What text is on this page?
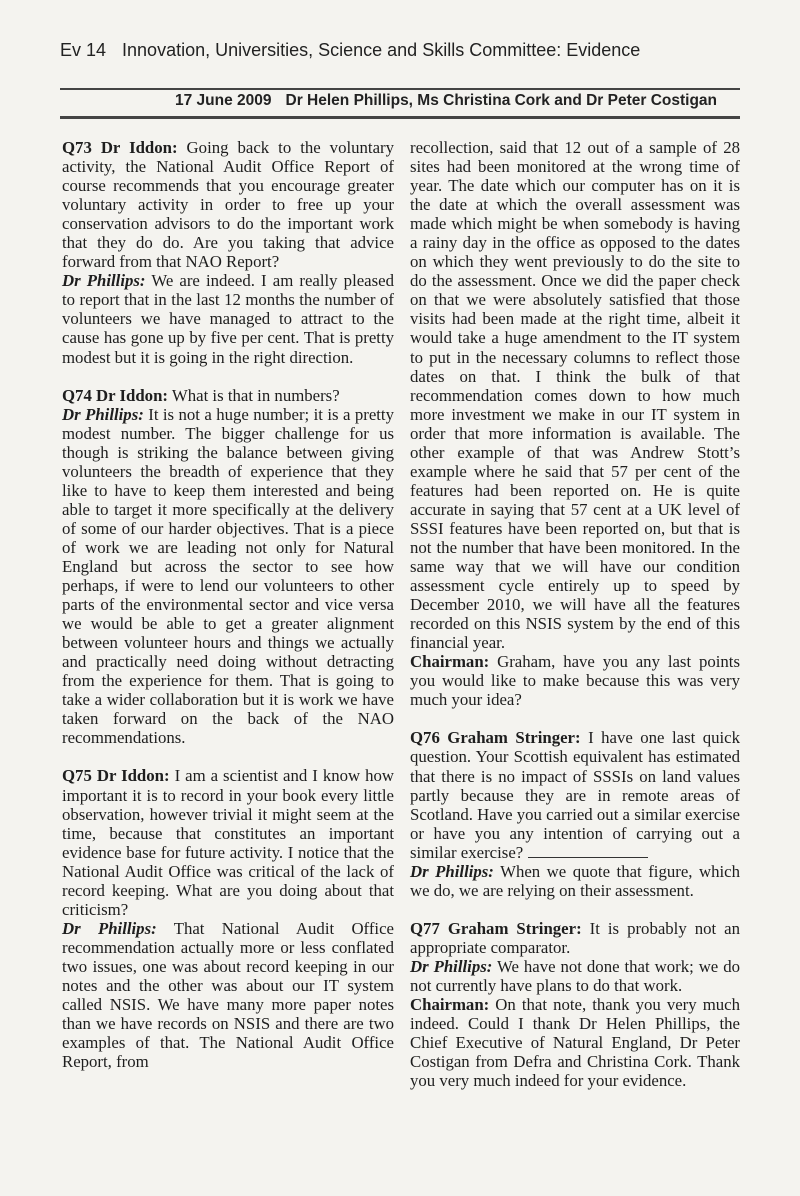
Ev 14 Innovation, Universities, Science and Skills Committee: Evidence
17 June 2009 Dr Helen Phillips, Ms Christina Cork and Dr Peter Costigan

Q73 Dr Iddon: Going back to the voluntary activity, the National Audit Office Report of course recommends that you encourage greater voluntary activity in order to free up your conservation advisors to do the important work that they do do. Are you taking that advice forward from that NAO Report?

Dr Phillips: We are indeed. I am really pleased to report that in the last 12 months the number of volunteers we have managed to attract to the cause has gone up by five per cent. That is pretty modest but it is going in the right direction.

Q74 Dr Iddon: What is that in numbers?

Dr Phillips: It is not a huge number; it is a pretty modest number. The bigger challenge for us though is striking the balance between giving volunteers the breadth of experience that they like to have to keep them interested and being able to target it more specifically at the delivery of some of our harder objectives. That is a piece of work we are leading not only for Natural England but across the sector to see how perhaps, if were to lend our volunteers to other parts of the environmental sector and vice versa we would be able to get a greater alignment between volunteer hours and things we actually and practically need doing without detracting from the experience for them. That is going to take a wider collaboration but it is work we have taken forward on the back of the NAO recommendations.

Q75 Dr Iddon: I am a scientist and I know how important it is to record in your book every little observation, however trivial it might seem at the time, because that constitutes an important evidence base for future activity. I notice that the National Audit Office was critical of the lack of record keeping. What are you doing about that criticism?

Dr Phillips: That National Audit Office recommendation actually more or less conflated two issues, one was about record keeping in our notes and the other was about our IT system called NSIS. We have many more paper notes than we have records on NSIS and there are two examples of that. The National Audit Office Report, from

recollection, said that 12 out of a sample of 28 sites had been monitored at the wrong time of year. The date which our computer has on it is the date at which the overall assessment was made which might be when somebody is having a rainy day in the office as opposed to the dates on which they went previously to do the site to do the assessment. Once we did the paper check on that we were absolutely satisfied that those visits had been made at the right time, albeit it would take a huge amendment to the IT system to put in the necessary columns to reflect those dates on that. I think the bulk of that recommendation comes down to how much more investment we make in our IT system in order that more information is available. The other example of that was Andrew Stott’s example where he said that 57 per cent of the features had been reported on. He is quite accurate in saying that 57 cent at a UK level of SSSI features have been reported on, but that is not the number that have been monitored. In the same way that we will have our condition assessment cycle entirely up to speed by December 2010, we will have all the features recorded on this NSIS system by the end of this financial year.

Chairman: Graham, have you any last points you would like to make because this was very much your idea?

Q76 Graham Stringer: I have one last quick question. Your Scottish equivalent has estimated that there is no impact of SSSIs on land values partly because they are in remote areas of Scotland. Have you carried out a similar exercise or have you any intention of carrying out a similar exercise?

Dr Phillips: When we quote that figure, which we do, we are relying on their assessment.

Q77 Graham Stringer: It is probably not an appropriate comparator.

Dr Phillips: We have not done that work; we do not currently have plans to do that work.

Chairman: On that note, thank you very much indeed. Could I thank Dr Helen Phillips, the Chief Executive of Natural England, Dr Peter Costigan from Defra and Christina Cork. Thank you very much indeed for your evidence.
